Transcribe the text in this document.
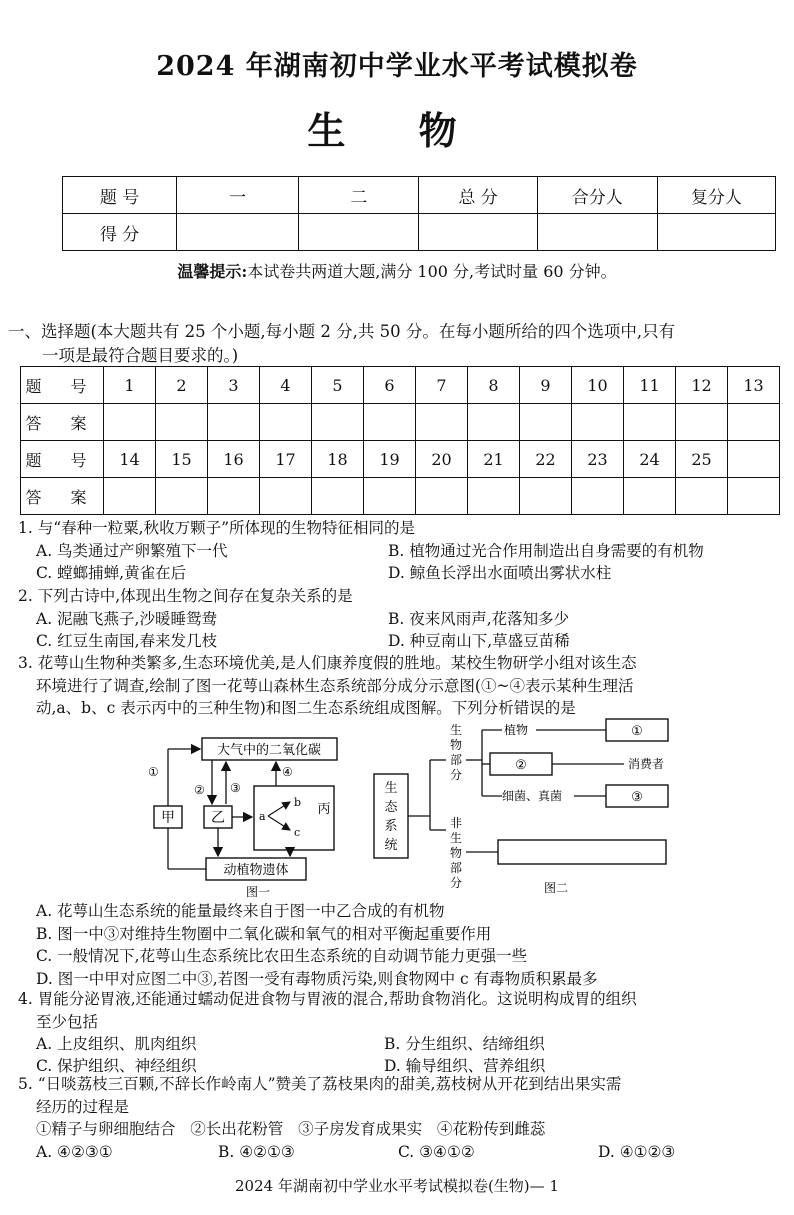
2024 年湖南初中学业水平考试模拟卷
生 物
题 号	一	二	总 分	合分人	复分人
得 分					
温馨提示:本试卷共两道大题,满分 100 分,考试时量 60 分钟。
一、选择题(本大题共有 25 个小题,每小题 2 分,共 50 分。在每小题所给的四个选项中,只有
一项是最符合题目要求的。)
题 号	1	2	3	4	5	6	7	8	9	10	11	12	13
答 案													
题 号	14	15	16	17	18	19	20	21	22	23	24	25	
答 案													
1. 与“春种一粒粟,秋收万颗子”所体现的生物特征相同的是
A. 鸟类通过产卵繁殖下一代	B. 植物通过光合作用制造出自身需要的有机物
C. 螳螂捕蝉,黄雀在后	D. 鲸鱼长浮出水面喷出雾状水柱
2. 下列古诗中,体现出生物之间存在复杂关系的是
A. 泥融飞燕子,沙暖睡鸳鸯	B. 夜来风雨声,花落知多少
C. 红豆生南国,春来发几枝	D. 种豆南山下,草盛豆苗稀
3. 花萼山生物种类繁多,生态环境优美,是人们康养度假的胜地。某校生物研学小组对该生态
环境进行了调查,绘制了图一花萼山森林生态系统部分成分示意图(①~④表示某种生理活
动,a、b、c 表示丙中的三种生物)和图二生态系统组成图解。下列分析错误的是
大气中的二氧化碳
甲	乙
丙
动植物遗体
①
② ③
④
a
b
c
图一
生
态
系
统
生
物
部
分
非
生
物
部
分
植物	①
②	消费者
细菌、真菌	③
图二
A. 花萼山生态系统的能量最终来自于图一中乙合成的有机物
B. 图一中③对维持生物圈中二氧化碳和氧气的相对平衡起重要作用
C. 一般情况下,花萼山生态系统比农田生态系统的自动调节能力更强一些
D. 图一中甲对应图二中③,若图一受有毒物质污染,则食物网中 c 有毒物质积累最多
4. 胃能分泌胃液,还能通过蠕动促进食物与胃液的混合,帮助食物消化。这说明构成胃的组织
至少包括
A. 上皮组织、肌肉组织	B. 分生组织、结缔组织
C. 保护组织、神经组织	D. 输导组织、营养组织
5. “日啖荔枝三百颗,不辞长作岭南人”赞美了荔枝果肉的甜美,荔枝树从开花到结出果实需
经历的过程是
①精子与卵细胞结合   ②长出花粉管   ③子房发育成果实   ④花粉传到雌蕊
A. ④②③①	B. ④②①③	C. ③④①②	D. ④①②③
2024 年湖南初中学业水平考试模拟卷(生物)— 1
